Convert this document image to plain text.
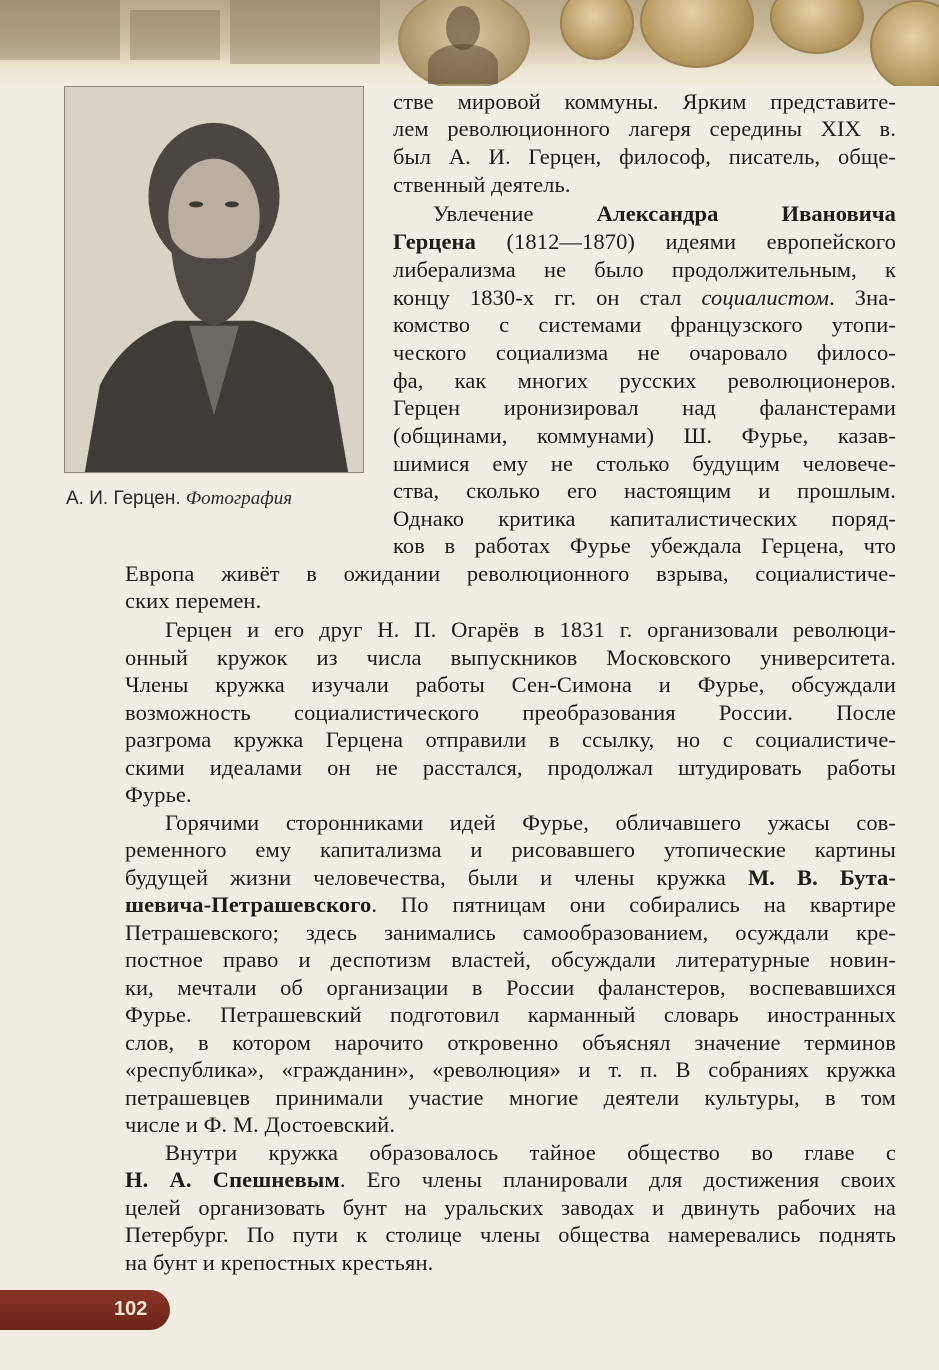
А. И. Герцен. Фотография
стве мировой коммуны. Ярким представите-
лем революционного лагеря середины XIX в.
был А. И. Герцен, философ, писатель, обще-
ственный деятель.
Увлечение Александра Ивановича
Герцена (1812—1870) идеями европейского
либерализма не было продолжительным, к
концу 1830-х гг. он стал социалистом. Зна-
комство с системами французского утопи-
ческого социализма не очаровало филосо-
фа, как многих русских революционеров.
Герцен иронизировал над фаланстерами
(общинами, коммунами) Ш. Фурье, казав-
шимися ему не столько будущим человече-
ства, сколько его настоящим и прошлым.
Однако критика капиталистических поряд-
ков в работах Фурье убеждала Герцена, что
Европа живёт в ожидании революционного взрыва, социалистиче-
ских перемен.
Герцен и его друг Н. П. Огарёв в 1831 г. организовали революци-
онный кружок из числа выпускников Московского университета.
Члены кружка изучали работы Сен-Симона и Фурье, обсуждали
возможность социалистического преобразования России. После
разгрома кружка Герцена отправили в ссылку, но с социалистиче-
скими идеалами он не расстался, продолжал штудировать работы
Фурье.
Горячими сторонниками идей Фурье, обличавшего ужасы сов-
ременного ему капитализма и рисовавшего утопические картины
будущей жизни человечества, были и члены кружка М. В. Бута-
шевича-Петрашевского. По пятницам они собирались на квартире
Петрашевского; здесь занимались самообразованием, осуждали кре-
постное право и деспотизм властей, обсуждали литературные новин-
ки, мечтали об организации в России фаланстеров, воспевавшихся
Фурье. Петрашевский подготовил карманный словарь иностранных
слов, в котором нарочито откровенно объяснял значение терминов
«республика», «гражданин», «революция» и т. п. В собраниях кружка
петрашевцев принимали участие многие деятели культуры, в том
числе и Ф. М. Достоевский.
Внутри кружка образовалось тайное общество во главе с
Н. А. Спешневым. Его члены планировали для достижения своих
целей организовать бунт на уральских заводах и двинуть рабочих на
Петербург. По пути к столице члены общества намеревались поднять
на бунт и крепостных крестьян.
102
